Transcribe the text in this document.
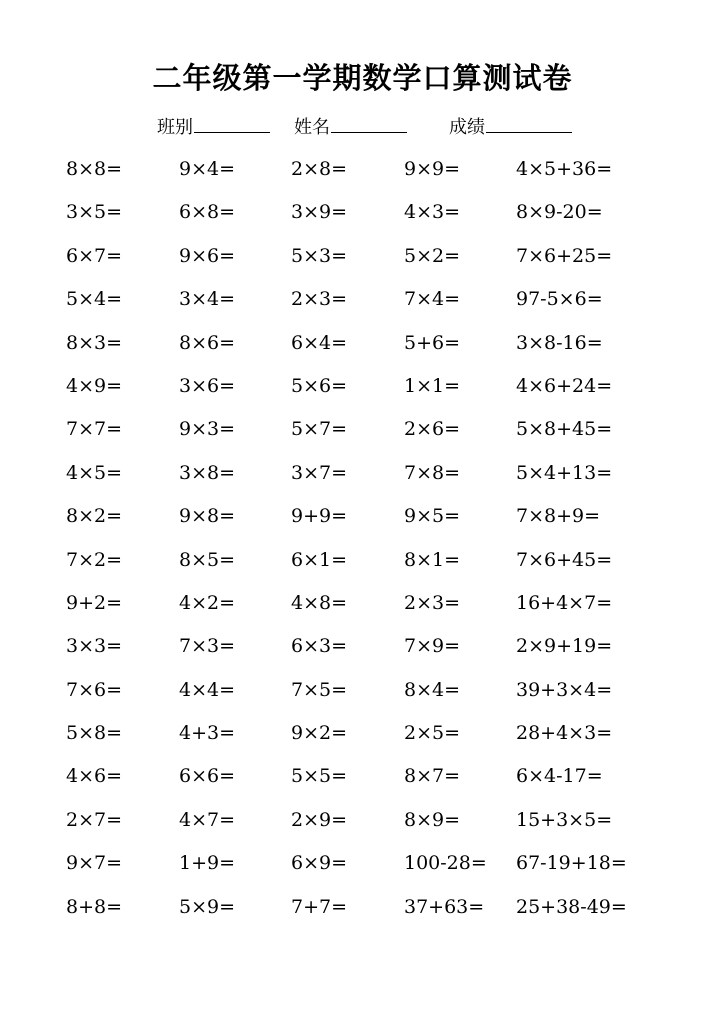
二年级第一学期数学口算测试卷
班别	姓名	成绩
8×8=	9×4=	2×8=	9×9=	4×5+36=
3×5=	6×8=	3×9=	4×3=	8×9-20=
6×7=	9×6=	5×3=	5×2=	7×6+25=
5×4=	3×4=	2×3=	7×4=	97-5×6=
8×3=	8×6=	6×4=	5+6=	3×8-16=
4×9=	3×6=	5×6=	1×1=	4×6+24=
7×7=	9×3=	5×7=	2×6=	5×8+45=
4×5=	3×8=	3×7=	7×8=	5×4+13=
8×2=	9×8=	9+9=	9×5=	7×8+9=
7×2=	8×5=	6×1=	8×1=	7×6+45=
9+2=	4×2=	4×8=	2×3=	16+4×7=
3×3=	7×3=	6×3=	7×9=	2×9+19=
7×6=	4×4=	7×5=	8×4=	39+3×4=
5×8=	4+3=	9×2=	2×5=	28+4×3=
4×6=	6×6=	5×5=	8×7=	6×4-17=
2×7=	4×7=	2×9=	8×9=	15+3×5=
9×7=	1+9=	6×9=	100-28= 67-19+18=
8+8=	5×9=	7+7=	37+63= 25+38-49=
